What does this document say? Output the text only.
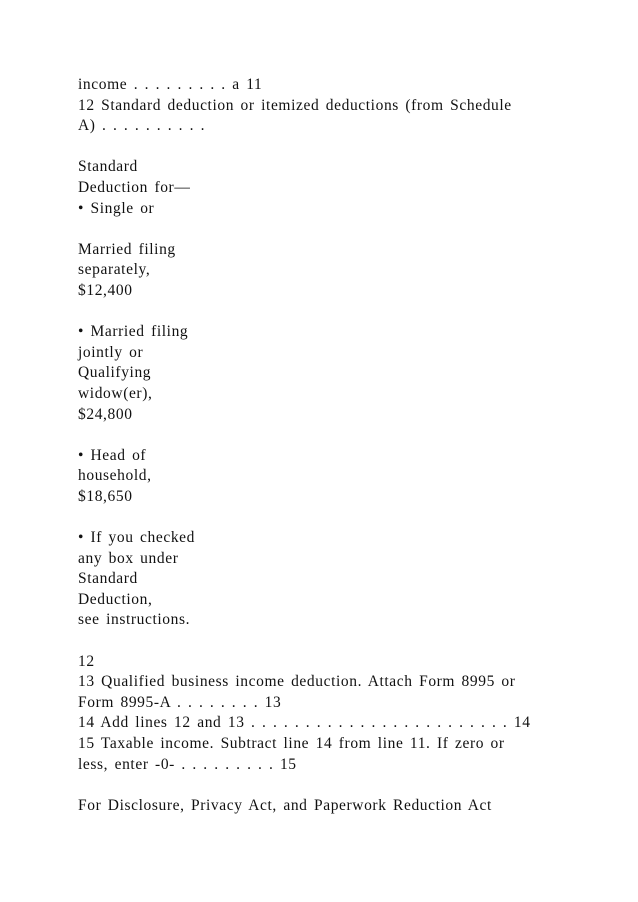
income . . . . . . . . . a 11
12 Standard deduction or itemized deductions (from Schedule
A) . . . . . . . . . .
Standard
Deduction for—
• Single or
Married filing
separately,
$12,400
• Married filing
jointly or
Qualifying
widow(er),
$24,800
• Head of
household,
$18,650
• If you checked
any box under
Standard
Deduction,
see instructions.
12
13 Qualified business income deduction. Attach Form 8995 or
Form 8995-A . . . . . . . . 13
14 Add lines 12 and 13 . . . . . . . . . . . . . . . . . . . . . . . . 14
15 Taxable income. Subtract line 14 from line 11. If zero or
less, enter -0- . . . . . . . . . 15
For Disclosure, Privacy Act, and Paperwork Reduction Act
